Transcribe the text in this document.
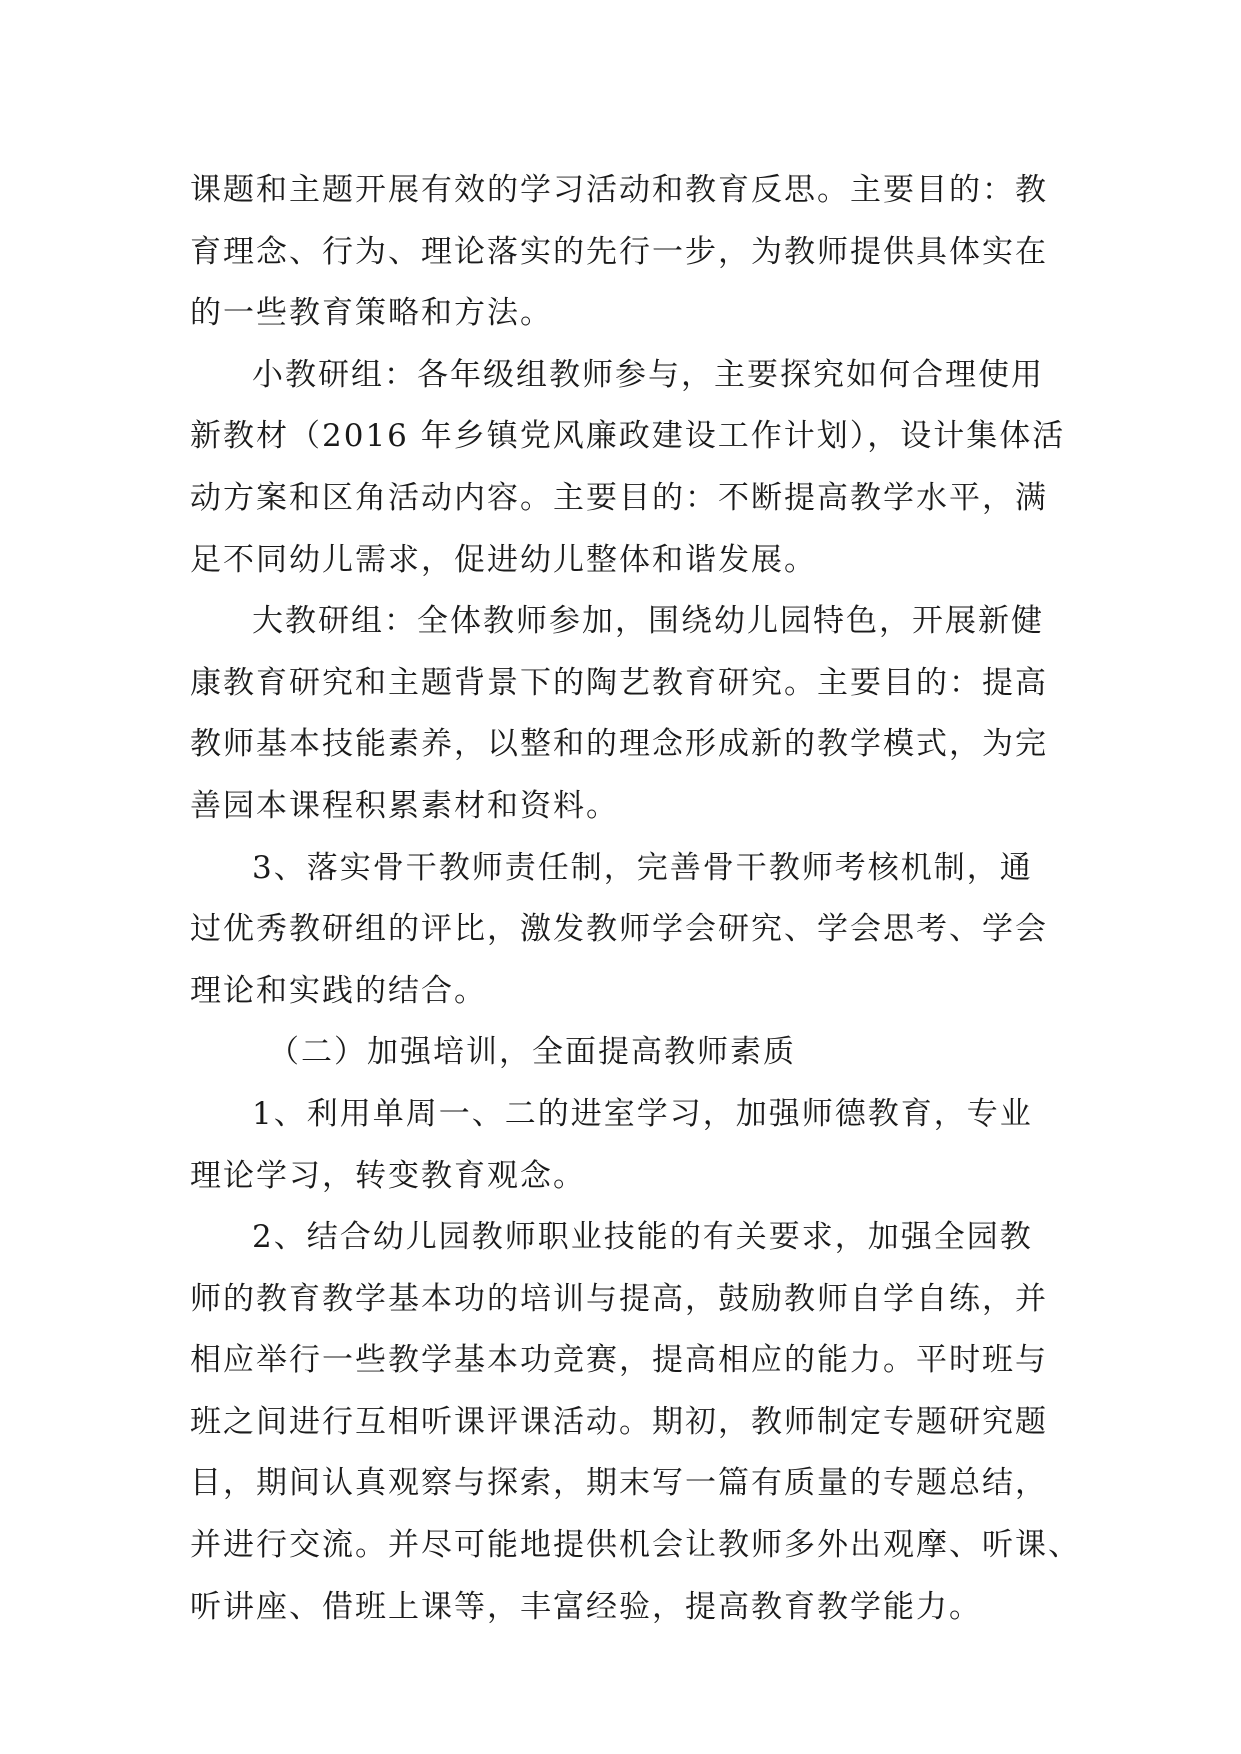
课题和主题开展有效的学习活动和教育反思。主要目的：教
育理念、行为、理论落实的先行一步，为教师提供具体实在
的一些教育策略和方法。
小教研组：各年级组教师参与，主要探究如何合理使用
新教材（2016 年乡镇党风廉政建设工作计划），设计集体活
动方案和区角活动内容。主要目的：不断提高教学水平，满
足不同幼儿需求，促进幼儿整体和谐发展。
大教研组：全体教师参加，围绕幼儿园特色，开展新健
康教育研究和主题背景下的陶艺教育研究。主要目的：提高
教师基本技能素养，以整和的理念形成新的教学模式，为完
善园本课程积累素材和资料。
3、落实骨干教师责任制，完善骨干教师考核机制，通
过优秀教研组的评比，激发教师学会研究、学会思考、学会
理论和实践的结合。
（二）加强培训，全面提高教师素质
1、利用单周一、二的进室学习，加强师德教育，专业
理论学习，转变教育观念。
2、结合幼儿园教师职业技能的有关要求，加强全园教
师的教育教学基本功的培训与提高，鼓励教师自学自练，并
相应举行一些教学基本功竞赛，提高相应的能力。平时班与
班之间进行互相听课评课活动。期初，教师制定专题研究题
目，期间认真观察与探索，期末写一篇有质量的专题总结，
并进行交流。并尽可能地提供机会让教师多外出观摩、听课、
听讲座、借班上课等，丰富经验，提高教育教学能力。
